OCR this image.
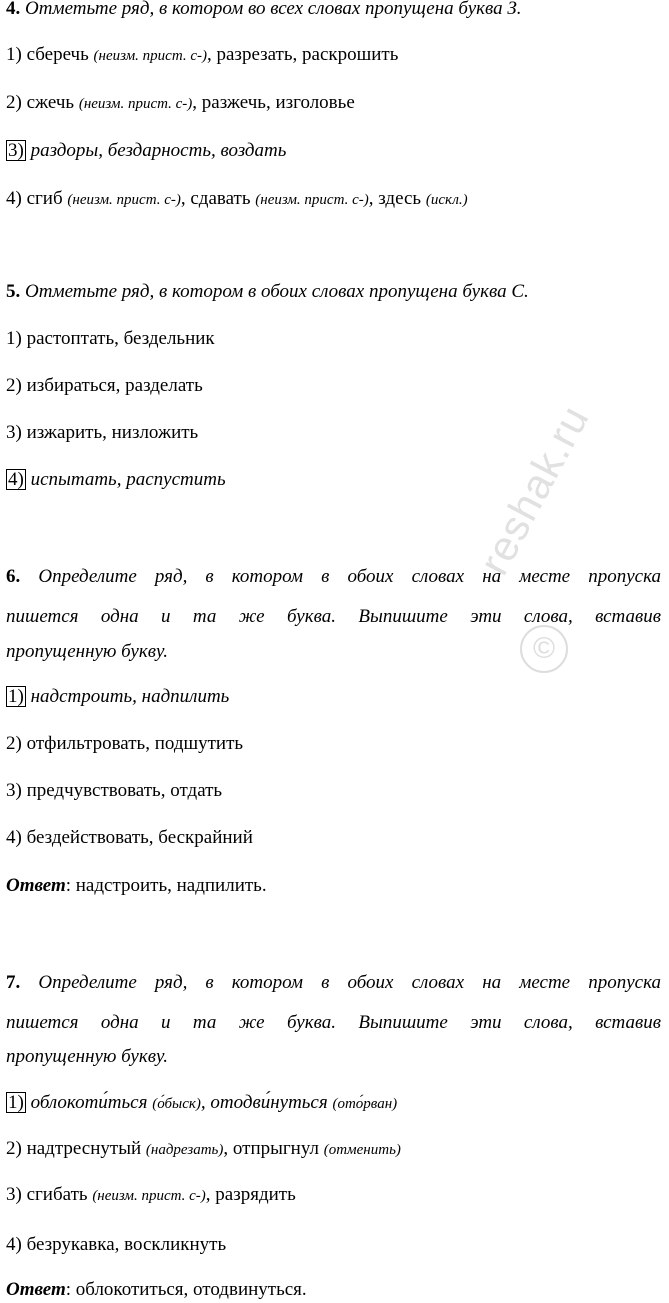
4. Отметьте ряд, в котором во всех словах пропущена буква З.
1) сберечь (неизм. прист. с-), разрезать, раскрошить
2) сжечь (неизм. прист. с-), разжечь, изголовье
3) раздоры, бездарность, воздать
4) сгиб (неизм. прист. с-), сдавать (неизм. прист. с-), здесь (искл.)
5. Отметьте ряд, в котором в обоих словах пропущена буква С.
1) растоптать, бездельник
2) избираться, разделать
3) изжарить, низложить
4) испытать, распустить
6. Определите ряд, в котором в обоих словах на месте пропуска
пишется одна и та же буква. Выпишите эти слова, вставив
пропущенную букву.
1) надстроить, надпилить
2) отфильтровать, подшутить
3) предчувствовать, отдать
4) бездействовать, бескрайний
Ответ: надстроить, надпилить.
7. Определите ряд, в котором в обоих словах на месте пропуска
пишется одна и та же буква. Выпишите эти слова, вставив
пропущенную букву.
1) облокоти́ться (о́быск), отодви́нуться (ото́рван)
2) надтреснутый (надрезать), отпрыгнул (отменить)
3) сгибать (неизм. прист. с-), разрядить
4) безрукавка, воскликнуть
Ответ: облокотиться, отодвинуться.
reshak.ru
©
